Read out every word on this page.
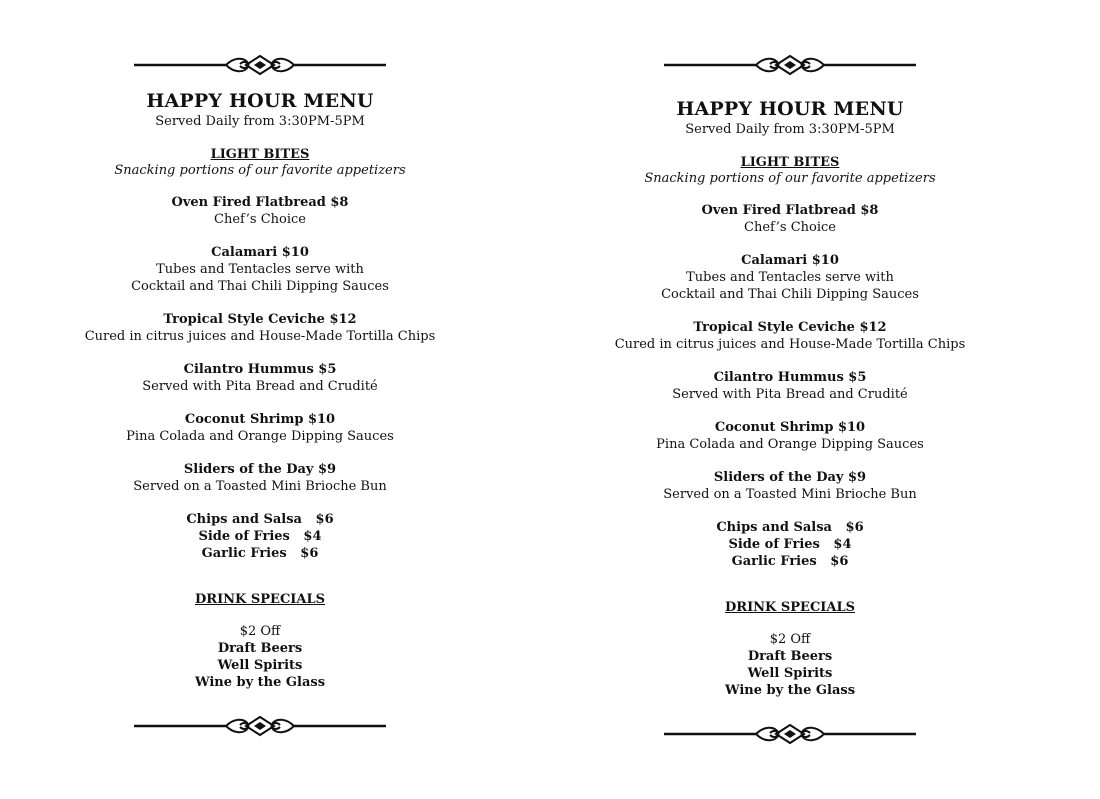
HAPPY HOUR MENU
Served Daily from 3:30PM-5PM
LIGHT BITES
Snacking portions of our favorite appetizers
Oven Fired Flatbread $8
Chef’s Choice
Calamari $10
Tubes and Tentacles serve with
Cocktail and Thai Chili Dipping Sauces
Tropical Style Ceviche $12
Cured in citrus juices and House-Made Tortilla Chips
Cilantro Hummus $5
Served with Pita Bread and Crudité
Coconut Shrimp $10
Pina Colada and Orange Dipping Sauces
Sliders of the Day $9
Served on a Toasted Mini Brioche Bun
Chips and Salsa   $6
Side of Fries   $4
Garlic Fries   $6
DRINK SPECIALS
$2 Off
Draft Beers
Well Spirits
Wine by the Glass
HAPPY HOUR MENU
Served Daily from 3:30PM-5PM
LIGHT BITES
Snacking portions of our favorite appetizers
Oven Fired Flatbread $8
Chef’s Choice
Calamari $10
Tubes and Tentacles serve with
Cocktail and Thai Chili Dipping Sauces
Tropical Style Ceviche $12
Cured in citrus juices and House-Made Tortilla Chips
Cilantro Hummus $5
Served with Pita Bread and Crudité
Coconut Shrimp $10
Pina Colada and Orange Dipping Sauces
Sliders of the Day $9
Served on a Toasted Mini Brioche Bun
Chips and Salsa   $6
Side of Fries   $4
Garlic Fries   $6
DRINK SPECIALS
$2 Off
Draft Beers
Well Spirits
Wine by the Glass
